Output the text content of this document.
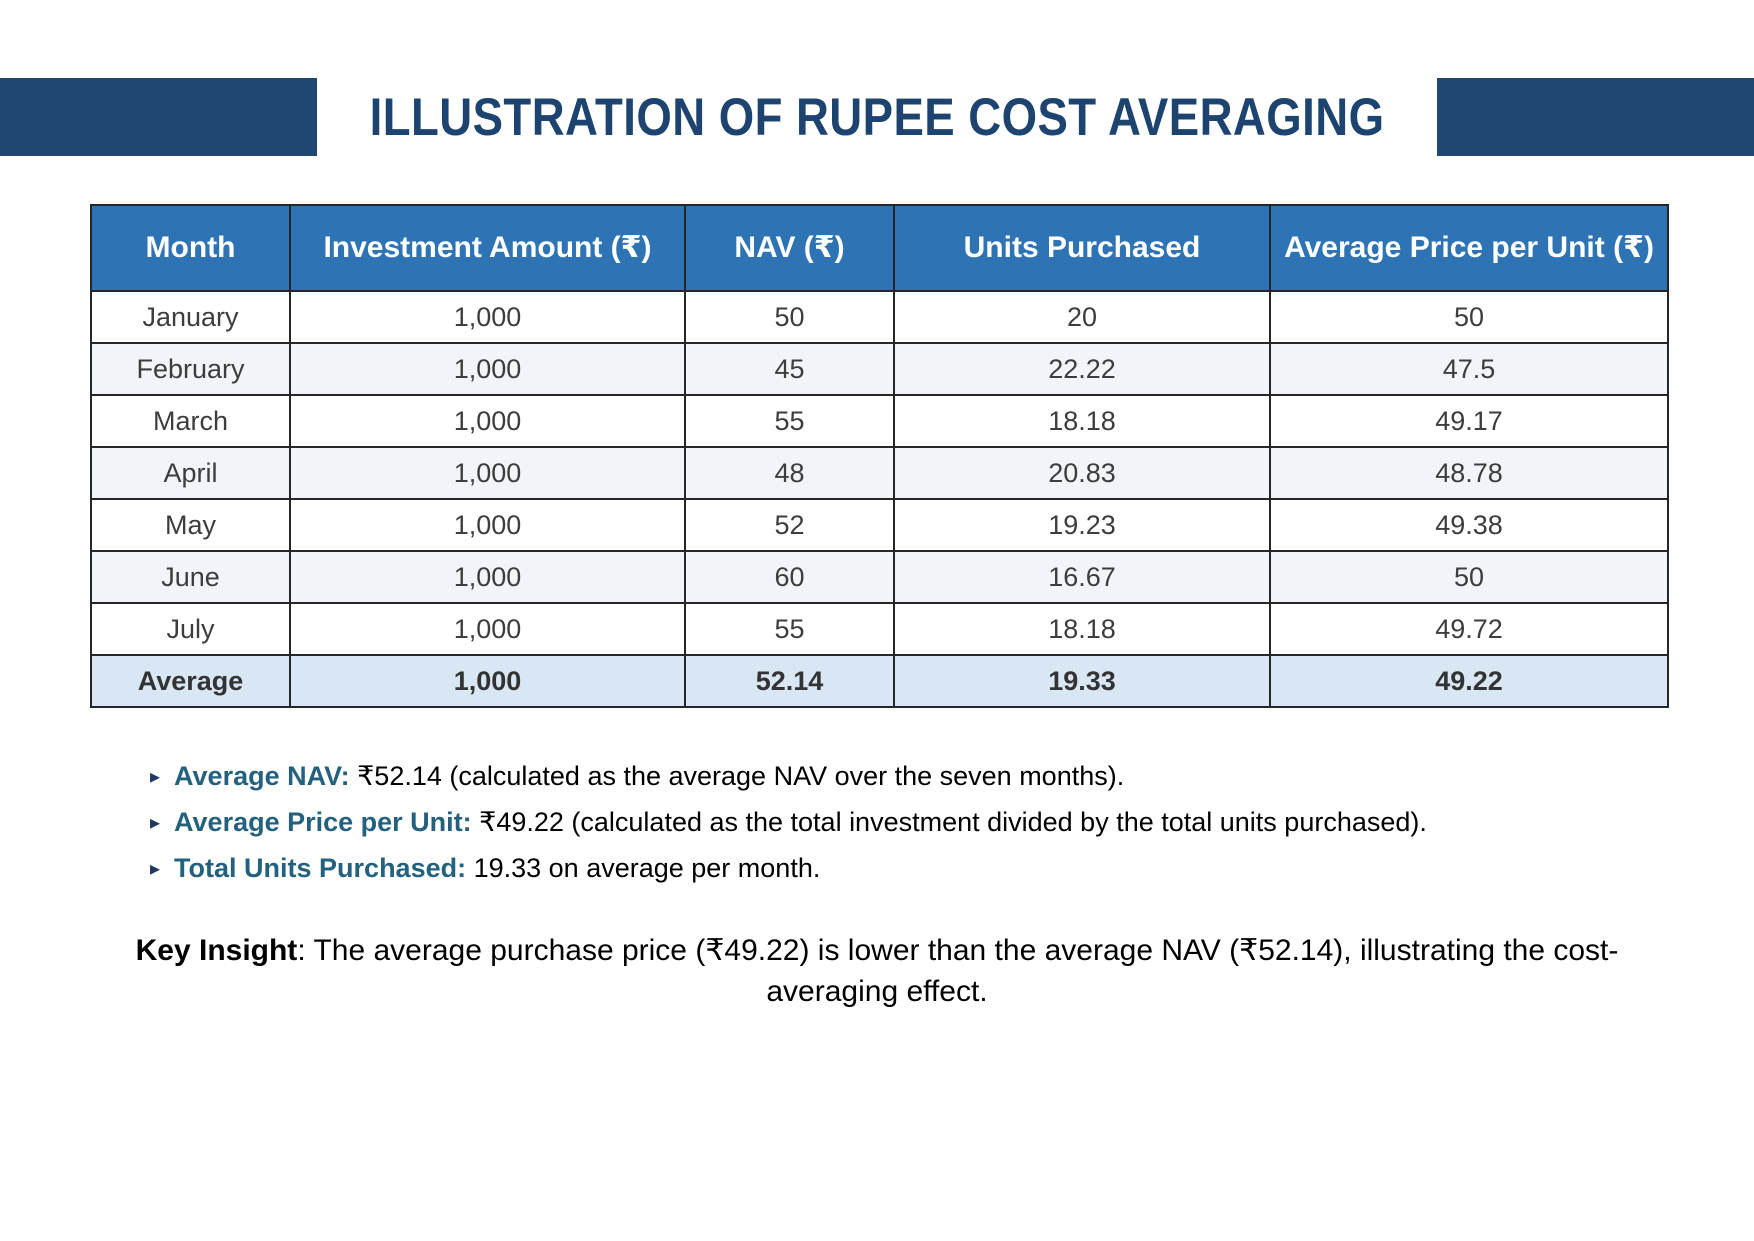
ILLUSTRATION OF RUPEE COST AVERAGING
Month	Investment Amount (₹)	NAV (₹)	Units Purchased	Average Price per Unit (₹)
January	1,000	50	20	50
February	1,000	45	22.22	47.5
March	1,000	55	18.18	49.17
April	1,000	48	20.83	48.78
May	1,000	52	19.23	49.38
June	1,000	60	16.67	50
July	1,000	55	18.18	49.72
Average	1,000	52.14	19.33	49.22
▸ Average NAV: ₹52.14 (calculated as the average NAV over the seven months).
▸ Average Price per Unit: ₹49.22 (calculated as the total investment divided by the total units purchased).
▸ Total Units Purchased: 19.33 on average per month.
Key Insight: The average purchase price (₹49.22) is lower than the average NAV (₹52.14), illustrating the cost-averaging effect.
